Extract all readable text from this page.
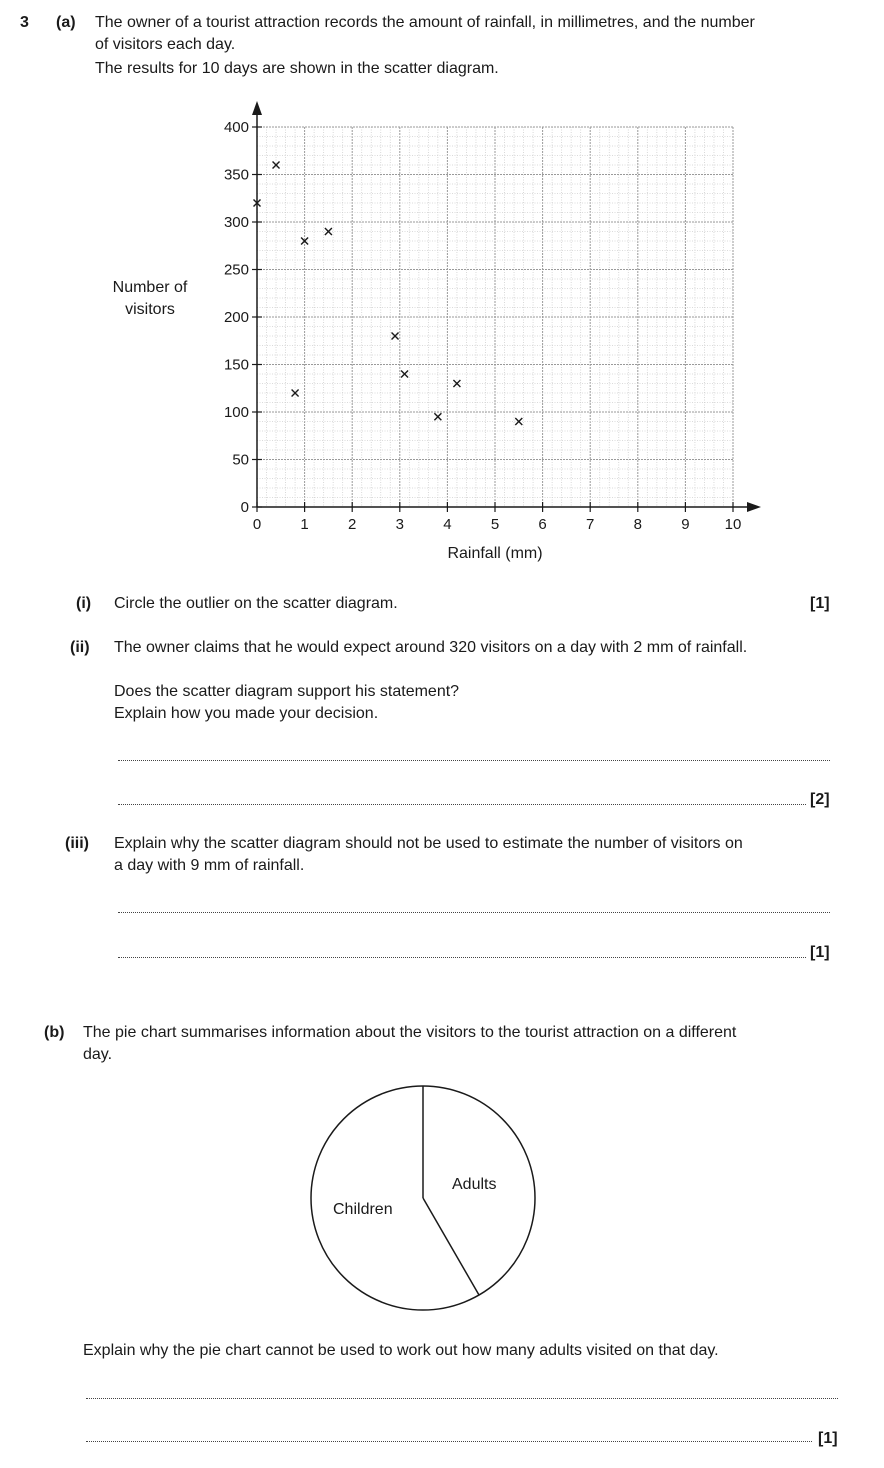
3 (a) The owner of a tourist attraction records the amount of rainfall, in millimetres, and the number
of visitors each day.
The results for 10 days are shown in the scatter diagram.
0	1	2	3	4	5	6	7	8	9 10
0
50
100
150
200
250
300
350
400
Rainfall (mm)
Number of
visitors
(i) Circle the outlier on the scatter diagram.	[1]
(ii) The owner claims that he would expect around 320 visitors on a day with 2 mm of rainfall.
Does the scatter diagram support his statement?
Explain how you made your decision.
[2]
(iii) Explain why the scatter diagram should not be used to estimate the number of visitors on
a day with 9 mm of rainfall.
[1]
(b) The pie chart summarises information about the visitors to the tourist attraction on a different
day.
Adults
Children
Explain why the pie chart cannot be used to work out how many adults visited on that day.
[1]
